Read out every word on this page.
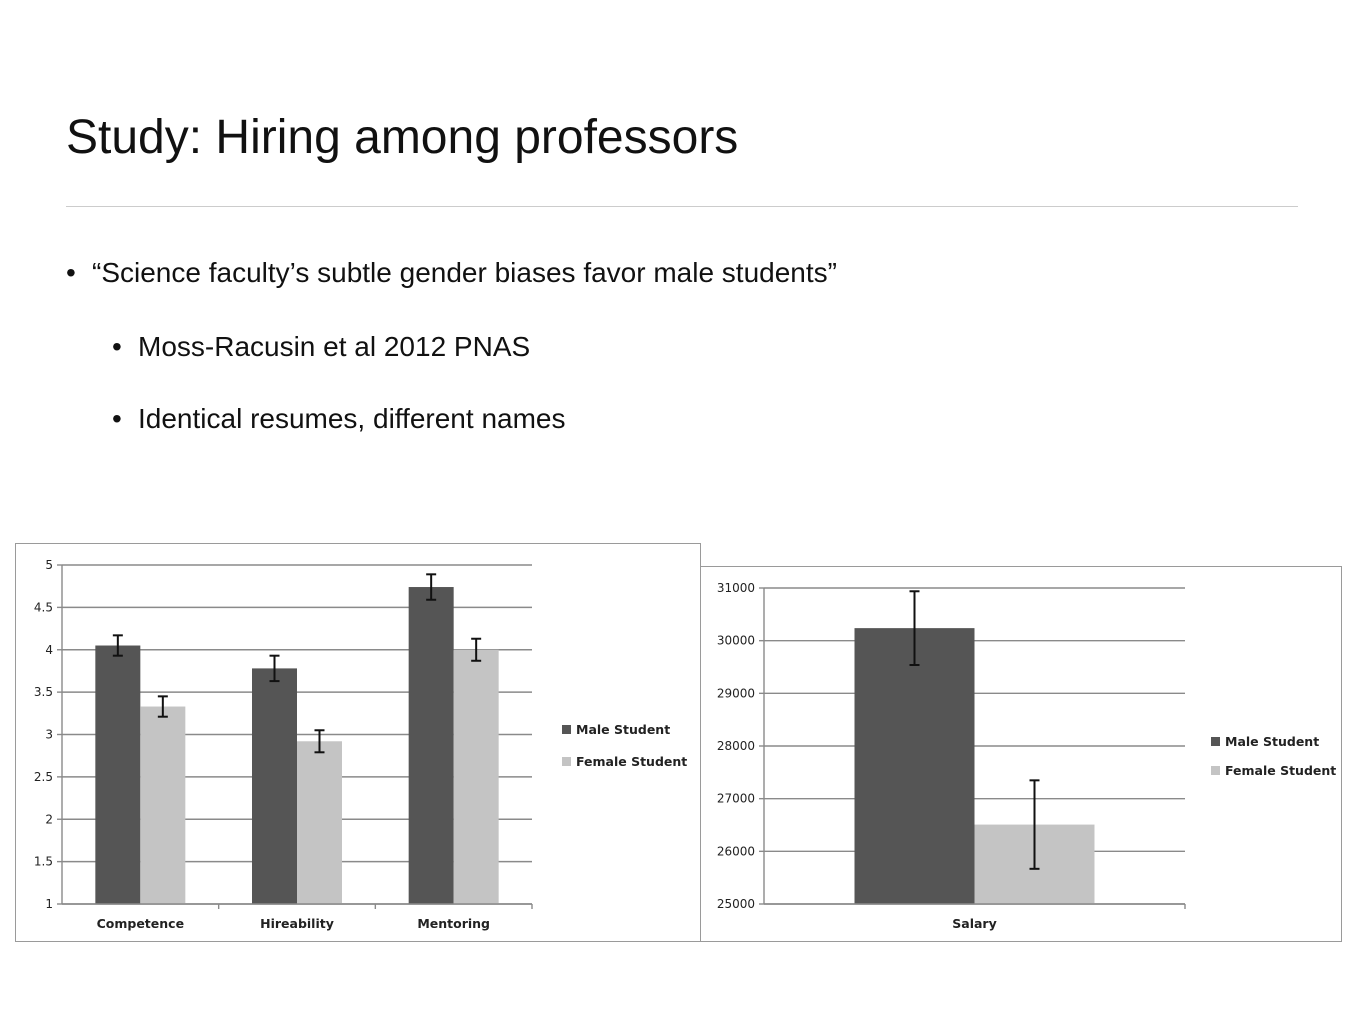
Study: Hiring among professors
• “Science faculty’s subtle gender biases favor male students”
• Moss-Racusin et al 2012 PNAS
• Identical resumes, different names
1
1.5
2
2.5
3
3.5
4
4.5
5
Competence	Hireability	Mentoring
Male Student
Female Student
25000
26000
27000
28000
29000
30000
31000
Salary
Male Student
Female Student
